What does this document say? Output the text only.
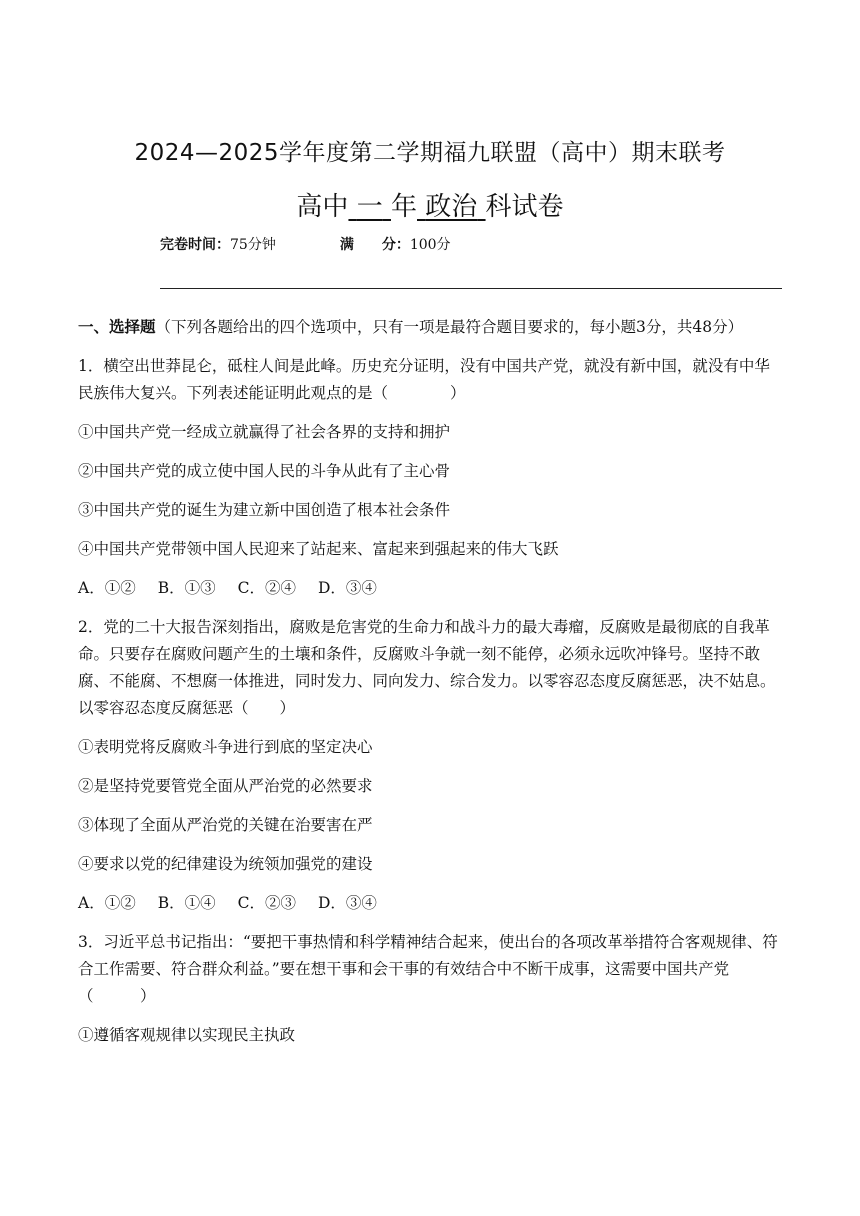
2024—2025学年度第二学期福九联盟（高中）期末联考
高中 一 年 政治 科试卷
完卷时间：75分钟	满　　分：100分

一、选择题（下列各题给出的四个选项中，只有一项是最符合题目要求的，每小题3分，共48分）

1．横空出世莽昆仑，砥柱人间是此峰。历史充分证明，没有中国共产党，就没有新中国，就没有中华民族伟大复兴。下列表述能证明此观点的是（　　　　）

①中国共产党一经成立就赢得了社会各界的支持和拥护

②中国共产党的成立使中国人民的斗争从此有了主心骨

③中国共产党的诞生为建立新中国创造了根本社会条件

④中国共产党带领中国人民迎来了站起来、富起来到强起来的伟大飞跃

A．①② B．①③ C．②④ D．③④

2．党的二十大报告深刻指出，腐败是危害党的生命力和战斗力的最大毒瘤，反腐败是最彻底的自我革命。只要存在腐败问题产生的土壤和条件，反腐败斗争就一刻不能停，必须永远吹冲锋号。坚持不敢腐、不能腐、不想腐一体推进，同时发力、同向发力、综合发力。以零容忍态度反腐惩恶，决不姑息。以零容忍态度反腐惩恶（　　）

①表明党将反腐败斗争进行到底的坚定决心

②是坚持党要管党全面从严治党的必然要求

③体现了全面从严治党的关键在治要害在严

④要求以党的纪律建设为统领加强党的建设

A．①② B．①④ C．②③ D．③④

3．习近平总书记指出：“要把干事热情和科学精神结合起来，使出台的各项改革举措符合客观规律、符合工作需要、符合群众利益。”要在想干事和会干事的有效结合中不断干成事，这需要中国共产党（　　　）

①遵循客观规律以实现民主执政
